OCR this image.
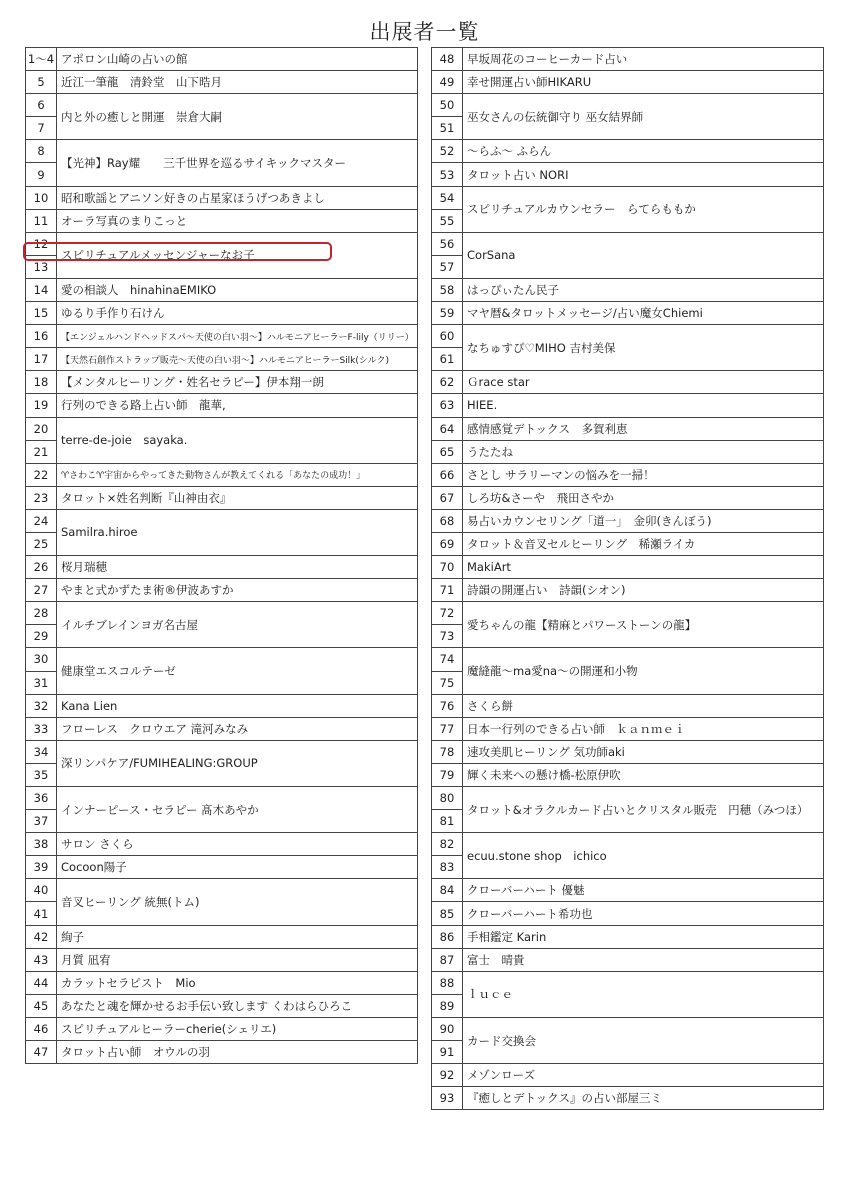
出展者一覧
1～4	アポロン山崎の占いの館
5	近江一筆龍　清鈴堂　山下晧月
6	内と外の癒しと開運　崇倉大嗣
7	
8	【光神】Ray耀　　三千世界を巡るサイキックマスター
9	
10	昭和歌謡とアニソン好きの占星家ほうげつあきよし
11	オーラ写真のまりこっと
12	スピリチュアルメッセンジャーなお子
13	
14	愛の相談人　hinahinaEMIKO
15	ゆるり手作り石けん
16	【エンジェルハンドヘッドスパ～天使の白い羽～】ハルモニアヒーラーF-lily（リリー）
17	【天然石創作ストラップ販売～天使の白い羽～】ハルモニアヒーラーSilk(シルク)
18	【メンタルヒーリング・姓名セラピー】伊本翔一朗
19	行列のできる路上占い師　龍華,
20	terre-de-joie　sayaka.
21	
22	♈さわこ♈宇宙からやってきた動物さんが教えてくれる「あなたの成功！」
23	タロット×姓名判断『山神由衣』
24	Samilra.hiroe
25	
26	桜月瑞穂
27	やまと式かずたま術®伊波あすか
28	イルチブレインヨガ名古屋
29	
30	健康堂エスコルテーゼ
31	
32	Kana Lien
33	フローレス　クロウエア 滝河みなみ
34	深リンパケア/FUMIHEALING:GROUP
35	
36	インナーピース・セラピー 髙木あやか
37	
38	サロン さくら
39	Cocoon陽子
40	音叉ヒーリング 統無(トム)
41	
42	絢子
43	月質 凪宥
44	カラットセラピスト　Mio
45	あなたと魂を輝かせるお手伝い致します くわはらひろこ
46	スピリチュアルヒーラーcherie(シェリエ)
47	タロット占い師　オウルの羽
48	早坂周花のコーヒーカード占い
49	幸せ開運占い師HIKARU
50	巫女さんの伝統御守り 巫女結界師
51	
52	～らふ～ ふらん
53	タロット占い NORI
54	スピリチュアルカウンセラー　らてらももか
55	
56	CorSana
57	
58	はっぴぃたん民子
59	マヤ暦&タロットメッセージ/占い魔女Chiemi
60	なちゅすぴ♡MIHO 吉村美保
61	
62	Ｇrace star
63	HIEE.
64	感情感覚デトックス　多賀利恵
65	うたたね
66	さとし サラリーマンの悩みを一掃！
67	しろ坊&さーや　飛田さやか
68	易占いカウンセリング「道一」　金卯(きんぼう)
69	タロット＆音叉セルヒーリング　稀瀬ライカ
70	MakiArt
71	詩韻の開運占い　詩韻(シオン)
72	愛ちゃんの龍【精麻とパワーストーンの龍】
73	
74	魔縫龍～ma愛na～の開運和小物
75	
76	さくら餅
77	日本一行列のできる占い師　ｋａｎｍｅｉ
78	速攻美肌ヒーリング 気功師aki
79	輝く未来への懸け橋-松原伊吹
80	タロット&オラクルカード占いとクリスタル販売　円穂（みつほ）
81	
82	ecuu.stone shop　ichico
83	
84	クローバーハート 優魅
85	クローバーハート希功也
86	手相鑑定 Karin
87	富士　晴貴
88	ｌｕｃｅ
89	
90	カード交換会
91	
92	メゾンローズ
93	『癒しとデトックス』の占い部屋三ミ
